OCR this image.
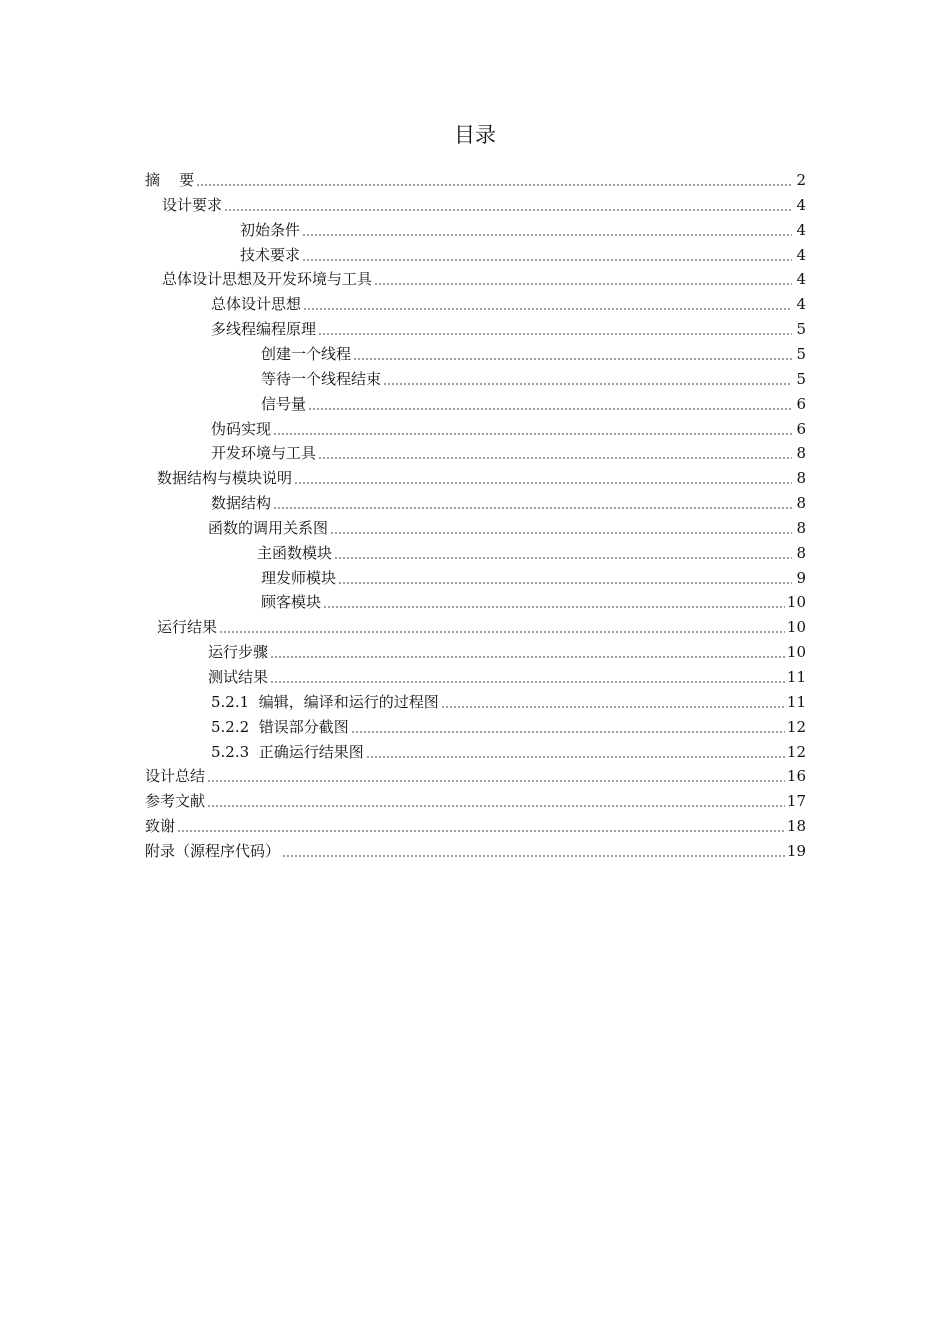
目录
摘    要	2
设计要求	4
初始条件	4
技术要求	4
总体设计思想及开发环境与工具	4
总体设计思想	4
多线程编程原理	5
创建一个线程	5
等待一个线程结束	5
信号量	6
伪码实现	6
开发环境与工具	8
数据结构与模块说明	8
数据结构	8
函数的调用关系图	8
主函数模块	8
理发师模块	9
顾客模块	10
运行结果	10
运行步骤	10
测试结果	11
5.2.1  编辑，编译和运行的过程图	11
5.2.2  错误部分截图	12
5.2.3  正确运行结果图	12
设计总结	16
参考文献	17
致谢	18
附录（源程序代码）	19
